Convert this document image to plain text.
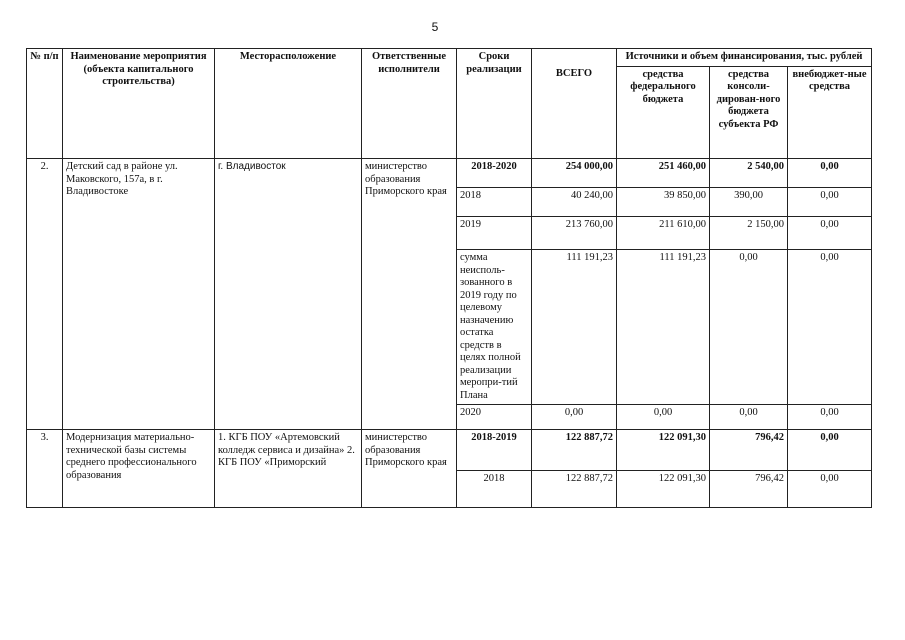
5
№ п/п	Наименование мероприятия (объекта капитального строительства)	Месторасположение	Ответственные исполнители	Сроки реализации		Источники и объем финансирования, тыс. рублей		
					ВСЕГО	средства федерального бюджета	средства консоли-дирован-ного бюджета субъекта РФ	внебюджет-ные средства
2.	Детский сад в районе ул. Маковского, 157а, в г. Владивостоке	г. Владивосток	министерство образования Приморского края	2018-2020	254 000,00	251 460,00	2 540,00	0,00
				2018	40 240,00	39 850,00	390,00	0,00
				2019	213 760,00	211 610,00	2 150,00	0,00
				сумма неисполь-зованного в 2019 году по целевому назначению остатка средств в целях полной реализации меропри-тий Плана	111 191,23	111 191,23	0,00	0,00
				2020	0,00	0,00	0,00	0,00
3.	Модернизация материально-технической базы системы среднего профессионального образования	1. КГБ ПОУ «Артемовский колледж сервиса и дизайна» 2. КГБ ПОУ «Приморский	министерство образования Приморского края	2018-2019	122 887,72	122 091,30	796,42	0,00
				2018	122 887,72	122 091,30	796,42	0,00
